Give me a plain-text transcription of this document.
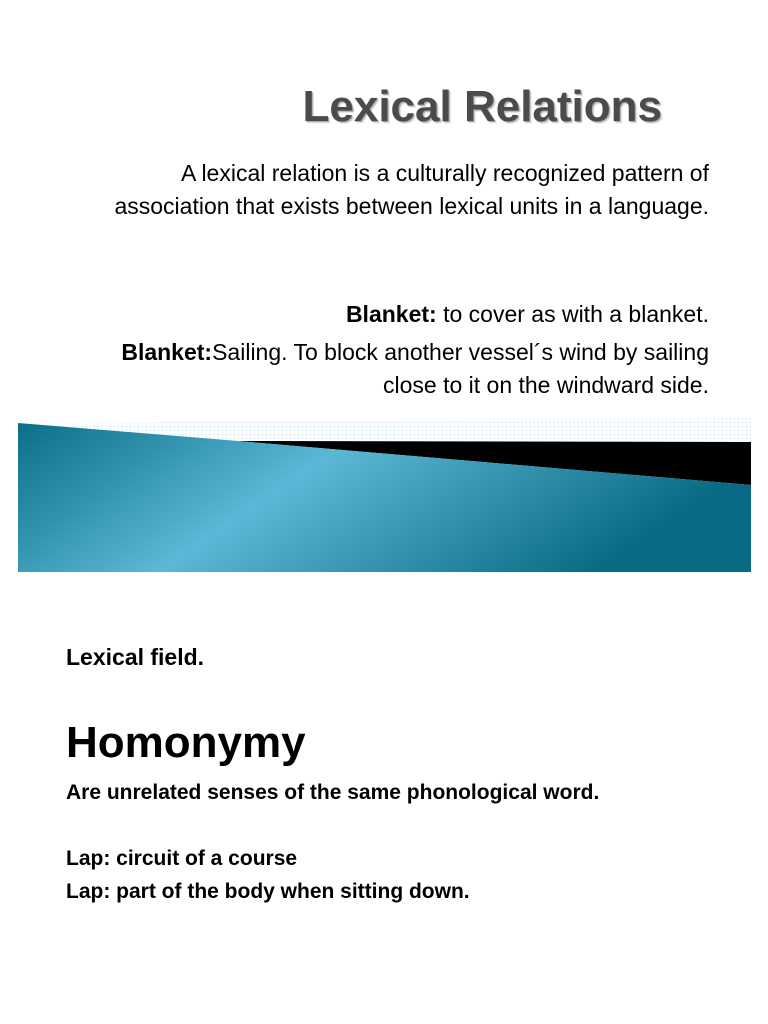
Lexical Relations
A lexical relation is a culturally recognized pattern of association that exists between lexical units in a language.
Blanket: to cover as with a blanket.
Blanket:Sailing. To block another vessel´s wind by sailing close to it on the windward side.
Lexical field.
Homonymy
Are unrelated senses of the same phonological word.
Lap: circuit of a course
Lap: part of the body when sitting down.
